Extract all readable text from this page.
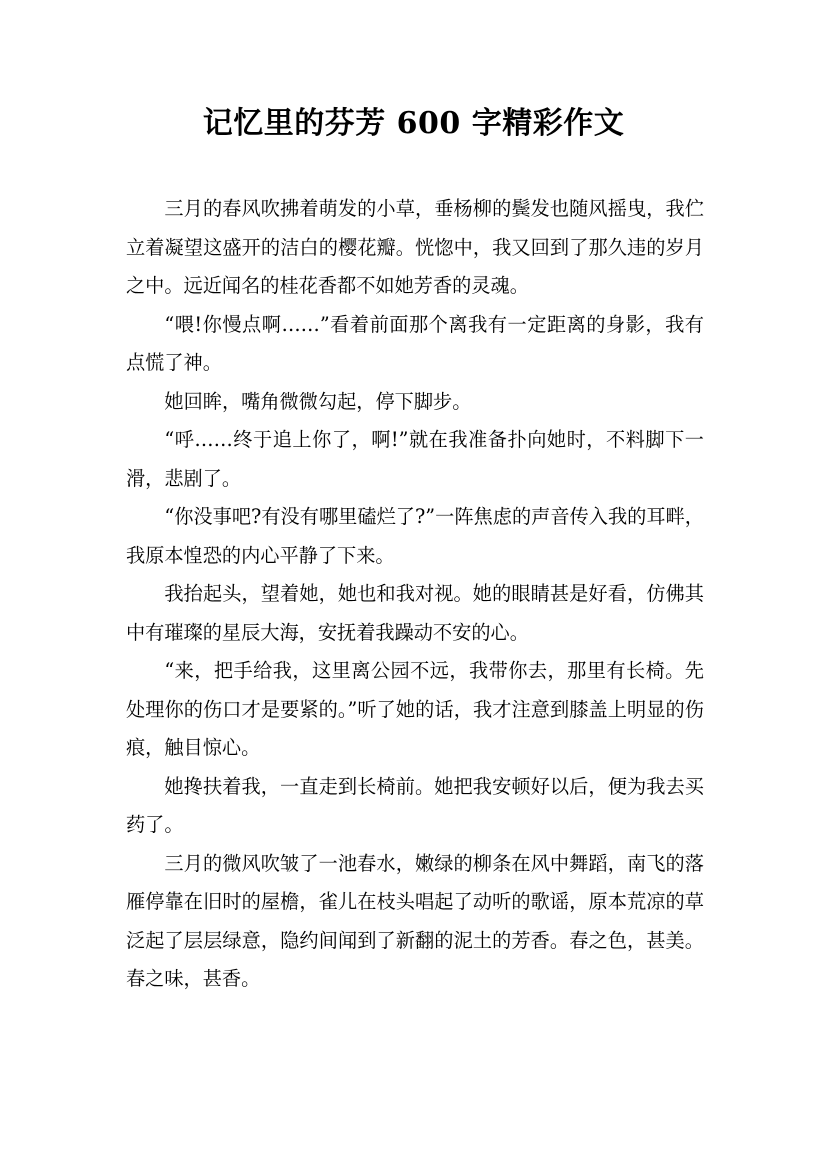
记忆里的芬芳 600 字精彩作文

三月的春风吹拂着萌发的小草，垂杨柳的鬓发也随风摇曳，我伫立着凝望这盛开的洁白的樱花瓣。恍惚中，我又回到了那久违的岁月之中。远近闻名的桂花香都不如她芳香的灵魂。

“喂!你慢点啊……”看着前面那个离我有一定距离的身影，我有点慌了神。

她回眸，嘴角微微勾起，停下脚步。

“呼……终于追上你了，啊!”就在我准备扑向她时，不料脚下一滑，悲剧了。

“你没事吧?有没有哪里磕烂了?”一阵焦虑的声音传入我的耳畔，我原本惶恐的内心平静了下来。

我抬起头，望着她，她也和我对视。她的眼睛甚是好看，仿佛其中有璀璨的星辰大海，安抚着我躁动不安的心。

“来，把手给我，这里离公园不远，我带你去，那里有长椅。先处理你的伤口才是要紧的。”听了她的话，我才注意到膝盖上明显的伤痕，触目惊心。

她搀扶着我，一直走到长椅前。她把我安顿好以后，便为我去买药了。

三月的微风吹皱了一池春水，嫩绿的柳条在风中舞蹈，南飞的落雁停靠在旧时的屋檐，雀儿在枝头唱起了动听的歌谣，原本荒凉的草泛起了层层绿意，隐约间闻到了新翻的泥土的芳香。春之色，甚美。春之味，甚香。
